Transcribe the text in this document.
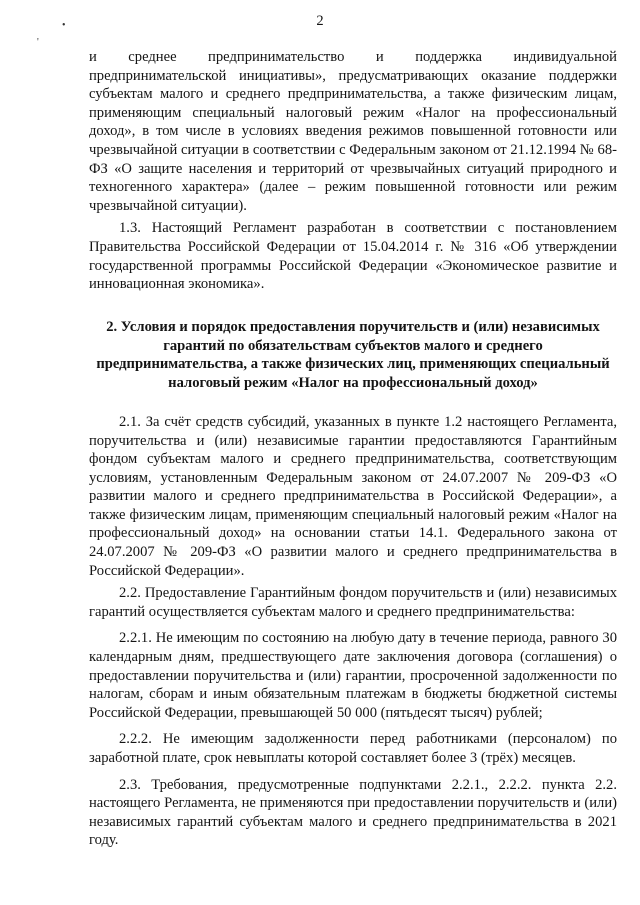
2
•
'

и среднее предпринимательство и поддержка индивидуальной предпринимательской инициативы», предусматривающих оказание поддержки субъектам малого и среднего предпринимательства, а также физическим лицам, применяющим специальный налоговый режим «Налог на профессиональный доход», в том числе в условиях введения режимов повышенной готовности или чрезвычайной ситуации в соответствии с Федеральным законом от 21.12.1994 № 68-ФЗ «О защите населения и территорий от чрезвычайных ситуаций природного и техногенного характера» (далее – режим повышенной готовности или режим чрезвычайной ситуации).

1.3. Настоящий Регламент разработан в соответствии с постановлением Правительства Российской Федерации от 15.04.2014 г. № 316 «Об утверждении государственной программы Российской Федерации «Экономическое развитие и инновационная экономика».

2. Условия и порядок предоставления поручительств и (или) независимых гарантий по обязательствам субъектов малого и среднего предпринимательства, а также физических лиц, применяющих специальный налоговый режим «Налог на профессиональный доход»

2.1. За счёт средств субсидий, указанных в пункте 1.2 настоящего Регламента, поручительства и (или) независимые гарантии предоставляются Гарантийным фондом субъектам малого и среднего предпринимательства, соответствующим условиям, установленным Федеральным законом от 24.07.2007 № 209-ФЗ «О развитии малого и среднего предпринимательства в Российской Федерации», а также физическим лицам, применяющим специальный налоговый режим «Налог на профессиональный доход» на основании статьи 14.1. Федерального закона от 24.07.2007 № 209-ФЗ «О развитии малого и среднего предпринимательства в Российской Федерации».

2.2. Предоставление Гарантийным фондом поручительств и (или) независимых гарантий осуществляется субъектам малого и среднего предпринимательства:

2.2.1. Не имеющим по состоянию на любую дату в течение периода, равного 30 календарным дням, предшествующего дате заключения договора (соглашения) о предоставлении поручительства и (или) гарантии, просроченной задолженности по налогам, сборам и иным обязательным платежам в бюджеты бюджетной системы Российской Федерации, превышающей 50 000 (пятьдесят тысяч) рублей;

2.2.2. Не имеющим задолженности перед работниками (персоналом) по заработной плате, срок невыплаты которой составляет более 3 (трёх) месяцев.

2.3. Требования, предусмотренные подпунктами 2.2.1., 2.2.2. пункта 2.2. настоящего Регламента, не применяются при предоставлении поручительств и (или) независимых гарантий субъектам малого и среднего предпринимательства в 2021 году.
